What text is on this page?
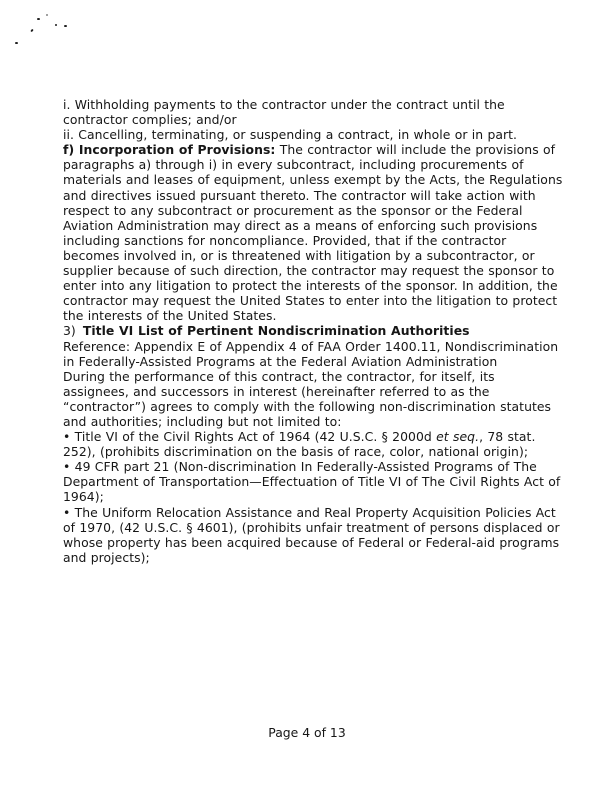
i. Withholding payments to the contractor under the contract until the contractor complies; and/or

ii. Cancelling, terminating, or suspending a contract, in whole or in part.

f) Incorporation of Provisions: The contractor will include the provisions of paragraphs a) through i) in every subcontract, including procurements of materials and leases of equipment, unless exempt by the Acts, the Regulations and directives issued pursuant thereto. The contractor will take action with respect to any subcontract or procurement as the sponsor or the Federal Aviation Administration may direct as a means of enforcing such provisions including sanctions for noncompliance. Provided, that if the contractor becomes involved in, or is threatened with litigation by a subcontractor, or supplier because of such direction, the contractor may request the sponsor to enter into any litigation to protect the interests of the sponsor. In addition, the contractor may request the United States to enter into the litigation to protect the interests of the United States.

3) Title VI List of Pertinent Nondiscrimination Authorities

Reference: Appendix E of Appendix 4 of FAA Order 1400.11, Nondiscrimination in Federally-Assisted Programs at the Federal Aviation Administration

During the performance of this contract, the contractor, for itself, its assignees, and successors in interest (hereinafter referred to as the “contractor”) agrees to comply with the following non-discrimination statutes and authorities; including but not limited to:

• Title VI of the Civil Rights Act of 1964 (42 U.S.C. § 2000d et seq., 78 stat. 252), (prohibits discrimination on the basis of race, color, national origin);

• 49 CFR part 21 (Non-discrimination In Federally-Assisted Programs of The Department of Transportation—Effectuation of Title VI of The Civil Rights Act of 1964);

• The Uniform Relocation Assistance and Real Property Acquisition Policies Act of 1970, (42 U.S.C. § 4601), (prohibits unfair treatment of persons displaced or whose property has been acquired because of Federal or Federal-aid programs and projects);

Page 4 of 13
